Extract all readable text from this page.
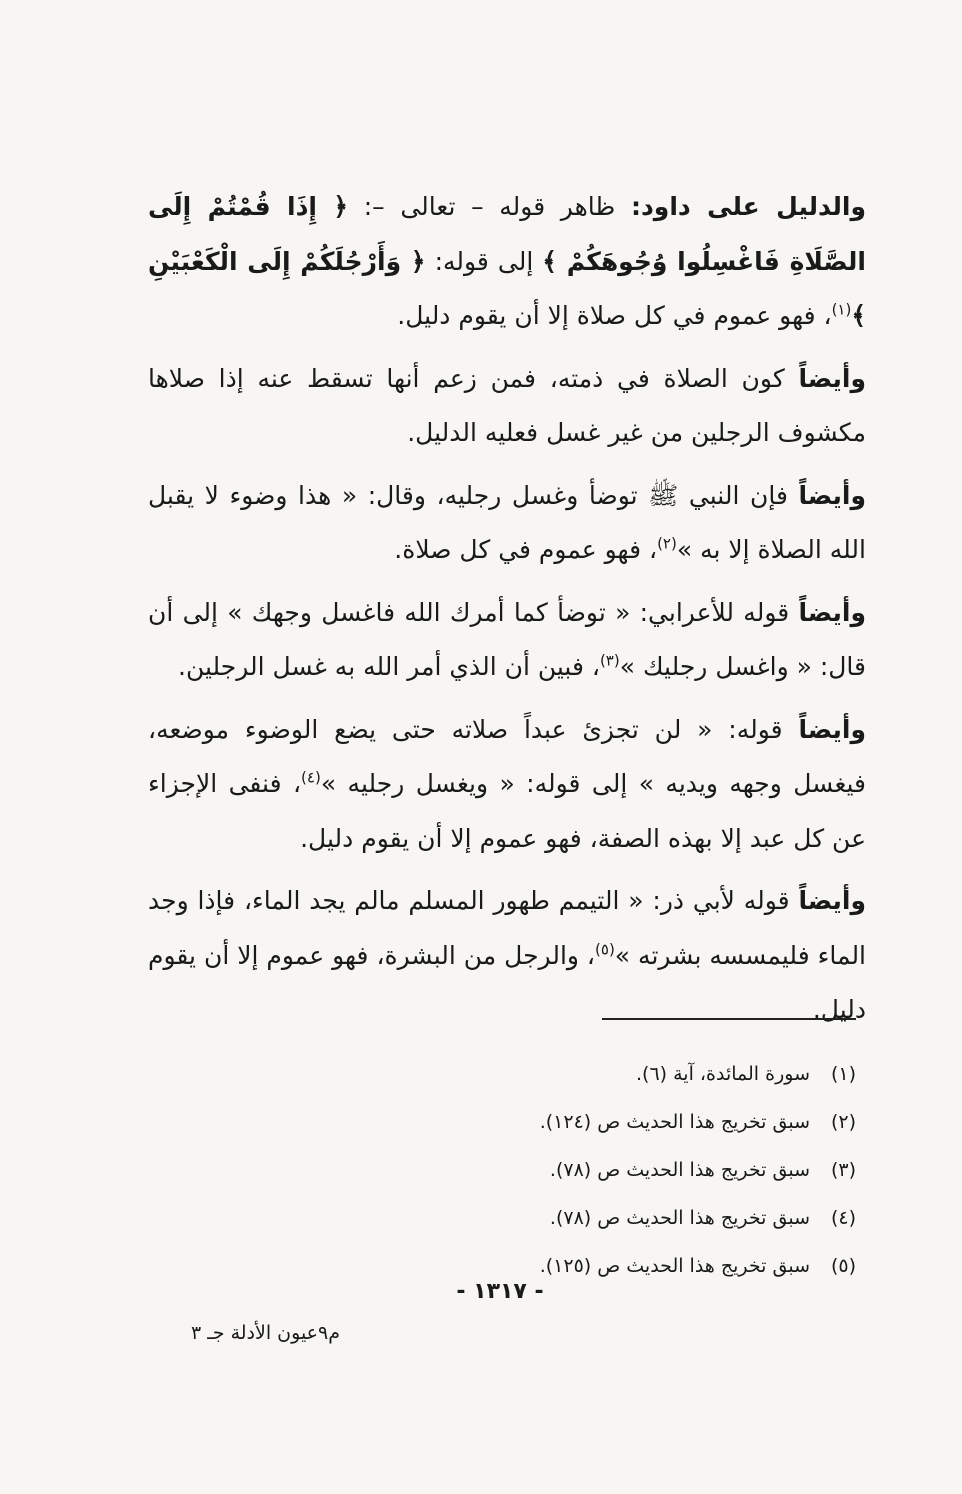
والدليل على داود: ظاهر قوله – تعالى –: ﴿ إِذَا قُمْتُمْ إِلَى الصَّلَاةِ فَاغْسِلُوا وُجُوهَكُمْ ﴾ إلى قوله: ﴿ وَأَرْجُلَكُمْ إِلَى الْكَعْبَيْنِ ﴾$^{(١)}$، فهو عموم في كل صلاة إلا أن يقوم دليل.

وأيضاً كون الصلاة في ذمته، فمن زعم أنها تسقط عنه إذا صلاها مكشوف الرجلين من غير غسل فعليه الدليل.

وأيضاً فإن النبي ﷺ توضأ وغسل رجليه، وقال: « هذا وضوء لا يقبل الله الصلاة إلا به »$^{(٢)}$، فهو عموم في كل صلاة.

وأيضاً قوله للأعرابي: « توضأ كما أمرك الله فاغسل وجهك » إلى أن قال: « واغسل رجليك »$^{(٣)}$، فبين أن الذي أمر الله به غسل الرجلين.

وأيضاً قوله: « لن تجزئ عبداً صلاته حتى يضع الوضوء موضعه، فيغسل وجهه ويديه » إلى قوله: « ويغسل رجليه »$^{(٤)}$، فنفى الإجزاء عن كل عبد إلا بهذه الصفة، فهو عموم إلا أن يقوم دليل.

وأيضاً قوله لأبي ذر: « التيمم طهور المسلم مالم يجد الماء، فإذا وجد الماء فليمسسه بشرته »$^{(٥)}$، والرجل من البشرة، فهو عموم إلا أن يقوم دليل.

(١)سورة المائدة، آية (٦).
(٢)سبق تخريج هذا الحديث ص (١٢٤).
(٣)سبق تخريج هذا الحديث ص (٧٨).
(٤)سبق تخريج هذا الحديث ص (٧٨).
(٥)سبق تخريج هذا الحديث ص (١٢٥).
- ١٣١٧ -
م٩عيون الأدلة جـ ٣
